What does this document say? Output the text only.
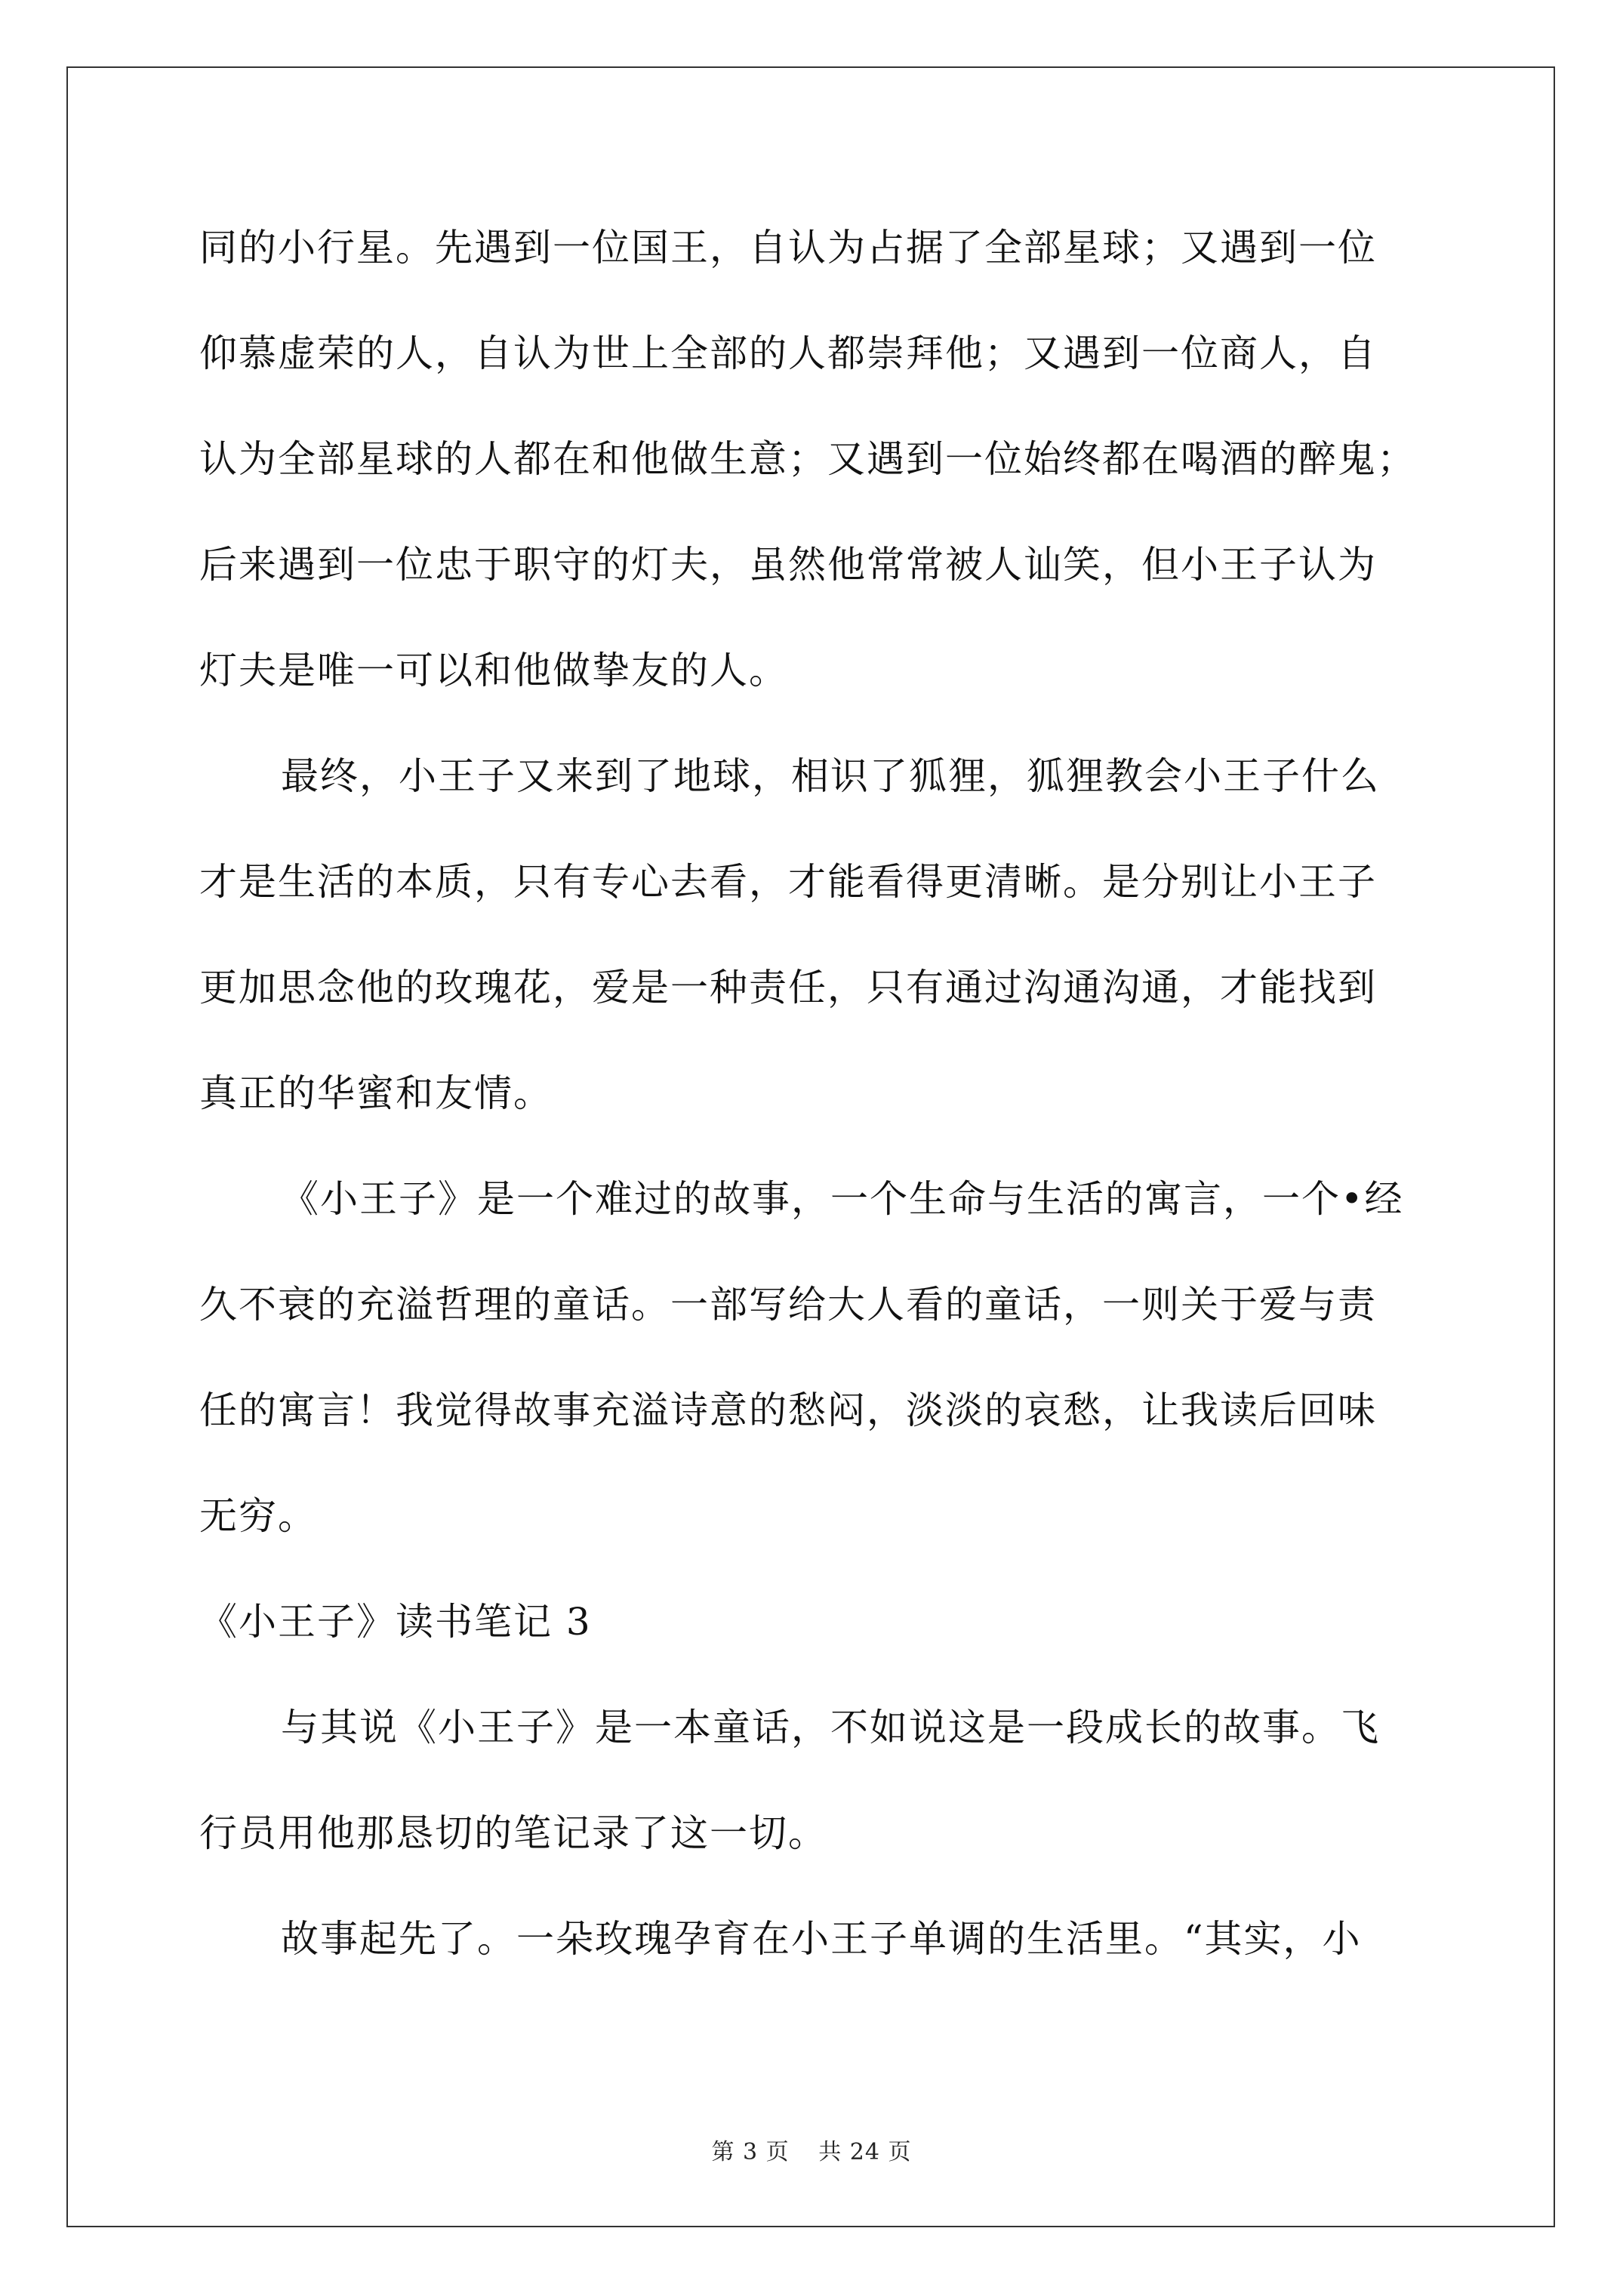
同的小行星。先遇到一位国王，自认为占据了全部星球；又遇到一位
仰慕虚荣的人，自认为世上全部的人都崇拜他；又遇到一位商人，自
认为全部星球的人都在和他做生意；又遇到一位始终都在喝酒的醉鬼；
后来遇到一位忠于职守的灯夫，虽然他常常被人讪笑，但小王子认为
灯夫是唯一可以和他做挚友的人。
最终，小王子又来到了地球，相识了狐狸，狐狸教会小王子什么
才是生活的本质，只有专心去看，才能看得更清晰。是分别让小王子
更加思念他的玫瑰花，爱是一种责任，只有通过沟通沟通，才能找到
真正的华蜜和友情。
《小王子》是一个难过的故事，一个生命与生活的寓言，一个•经
久不衰的充溢哲理的童话。一部写给大人看的童话，一则关于爱与责
任的寓言！我觉得故事充溢诗意的愁闷，淡淡的哀愁，让我读后回味
无穷。
《小王子》读书笔记 3
与其说《小王子》是一本童话，不如说这是一段成长的故事。飞
行员用他那恳切的笔记录了这一切。
故事起先了。一朵玫瑰孕育在小王子单调的生活里。“其实，小
第 3 页 共 24 页
